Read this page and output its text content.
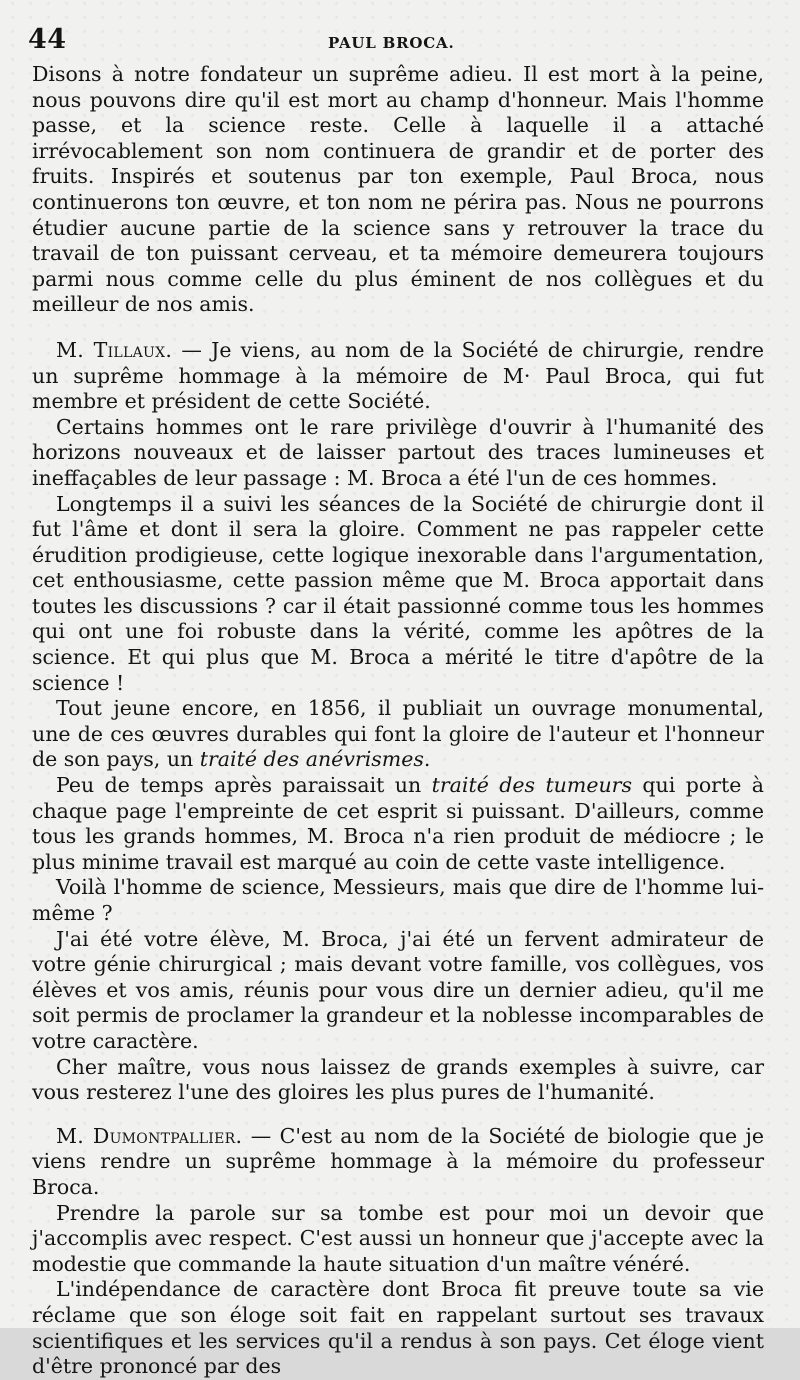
44	PAUL BROCA.

Disons à notre fondateur un suprême adieu. Il est mort à la peine, nous pouvons dire qu'il est mort au champ d'honneur. Mais l'homme passe, et la science reste. Celle à laquelle il a attaché irrévocablement son nom continuera de grandir et de porter des fruits. Inspirés et soutenus par ton exemple, Paul Broca, nous continuerons ton œuvre, et ton nom ne périra pas. Nous ne pourrons étudier aucune partie de la science sans y retrouver la trace du travail de ton puissant cerveau, et ta mémoire demeurera toujours parmi nous comme celle du plus éminent de nos collègues et du meilleur de nos amis.

M. Tillaux. — Je viens, au nom de la Société de chirurgie, rendre un suprême hommage à la mémoire de M· Paul Broca, qui fut membre et président de cette Société.

Certains hommes ont le rare privilège d'ouvrir à l'humanité des horizons nouveaux et de laisser partout des traces lumineuses et ineffaçables de leur passage : M. Broca a été l'un de ces hommes.

Longtemps il a suivi les séances de la Société de chirurgie dont il fut l'âme et dont il sera la gloire. Comment ne pas rappeler cette érudition prodigieuse, cette logique inexorable dans l'argumentation, cet enthousiasme, cette passion même que M. Broca apportait dans toutes les discussions ? car il était passionné comme tous les hommes qui ont une foi robuste dans la vérité, comme les apôtres de la science. Et qui plus que M. Broca a mérité le titre d'apôtre de la science !

Tout jeune encore, en 1856, il publiait un ouvrage monumental, une de ces œuvres durables qui font la gloire de l'auteur et l'honneur de son pays, un traité des anévrismes.

Peu de temps après paraissait un traité des tumeurs qui porte à chaque page l'empreinte de cet esprit si puissant. D'ailleurs, comme tous les grands hommes, M. Broca n'a rien produit de médiocre ; le plus minime travail est marqué au coin de cette vaste intelligence.

Voilà l'homme de science, Messieurs, mais que dire de l'homme lui-même ?

J'ai été votre élève, M. Broca, j'ai été un fervent admirateur de votre génie chirurgical ; mais devant votre famille, vos collègues, vos élèves et vos amis, réunis pour vous dire un dernier adieu, qu'il me soit permis de proclamer la grandeur et la noblesse incomparables de votre caractère.

Cher maître, vous nous laissez de grands exemples à suivre, car vous resterez l'une des gloires les plus pures de l'humanité.

M. Dumontpallier. — C'est au nom de la Société de biologie que je viens rendre un suprême hommage à la mémoire du professeur Broca.

Prendre la parole sur sa tombe est pour moi un devoir que j'accomplis avec respect. C'est aussi un honneur que j'accepte avec la modestie que commande la haute situation d'un maître vénéré.

L'indépendance de caractère dont Broca fit preuve toute sa vie réclame que son éloge soit fait en rappelant surtout ses travaux scientifiques et les services qu'il a rendus à son pays. Cet éloge vient d'être prononcé par des
